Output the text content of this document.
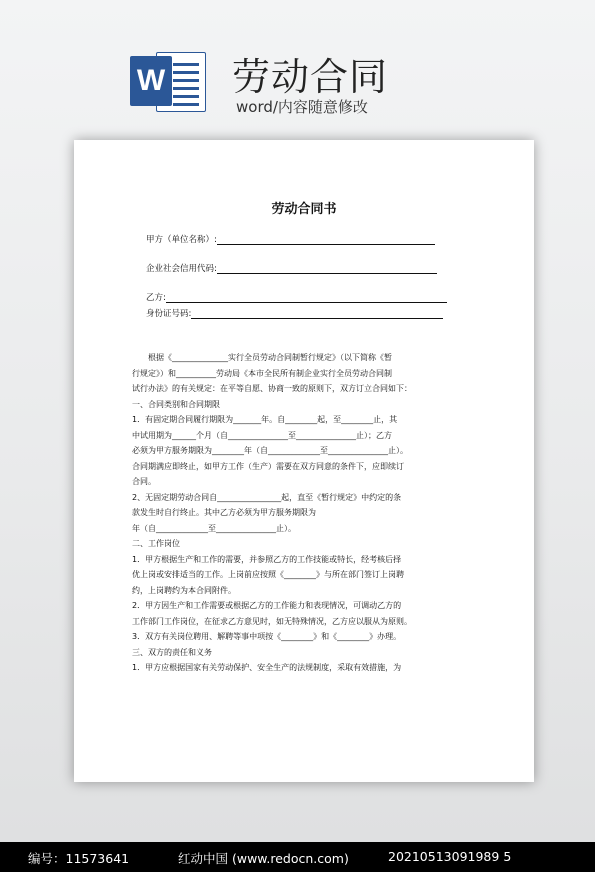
W 劳动合同
word/内容随意修改
劳动合同书
甲方（单位名称）:
企业社会信用代码:
乙方:
身份证号码:

根据《______________实行全员劳动合同制暂行规定》（以下简称《暂

行规定》）和__________劳动局《本市全民所有制企业实行全员劳动合同制

试行办法》的有关规定：在平等自愿、协商一致的原则下，双方订立合同如下：

一、合同类别和合同期限

1．有固定期合同履行期限为_______年。自________起，至________止，其

中试用期为______个月（自_______________至_______________止）；乙方

必须为甲方服务期限为________年（自_____________至_______________止）。

合同期满应即终止，如甲方工作（生产）需要在双方同意的条件下，应即续订

合同。

2、无固定期劳动合同自________________起，直至《暂行规定》中约定的条

款发生时自行终止。其中乙方必须为甲方服务期限为

年（自_____________至_______________止）。

二、工作岗位

1．甲方根据生产和工作的需要，并参照乙方的工作技能或特长，经考核后择

优上岗或安排适当的工作。上岗前应按照《________》与所在部门签订上岗聘

约，上岗聘约为本合同附件。

2．甲方因生产和工作需要或根据乙方的工作能力和表现情况，可调动乙方的

工作部门工作岗位，在征求乙方意见时，如无特殊情况，乙方应以服从为原则。

3．双方有关岗位聘用、解聘等事中项按《________》和《________》办理。

三、双方的责任和义务

1．甲方应根据国家有关劳动保护、安全生产的法规制度，采取有效措施，为

编号：11573641	红动中国 (www.redocn.com)	20210513091989 5
